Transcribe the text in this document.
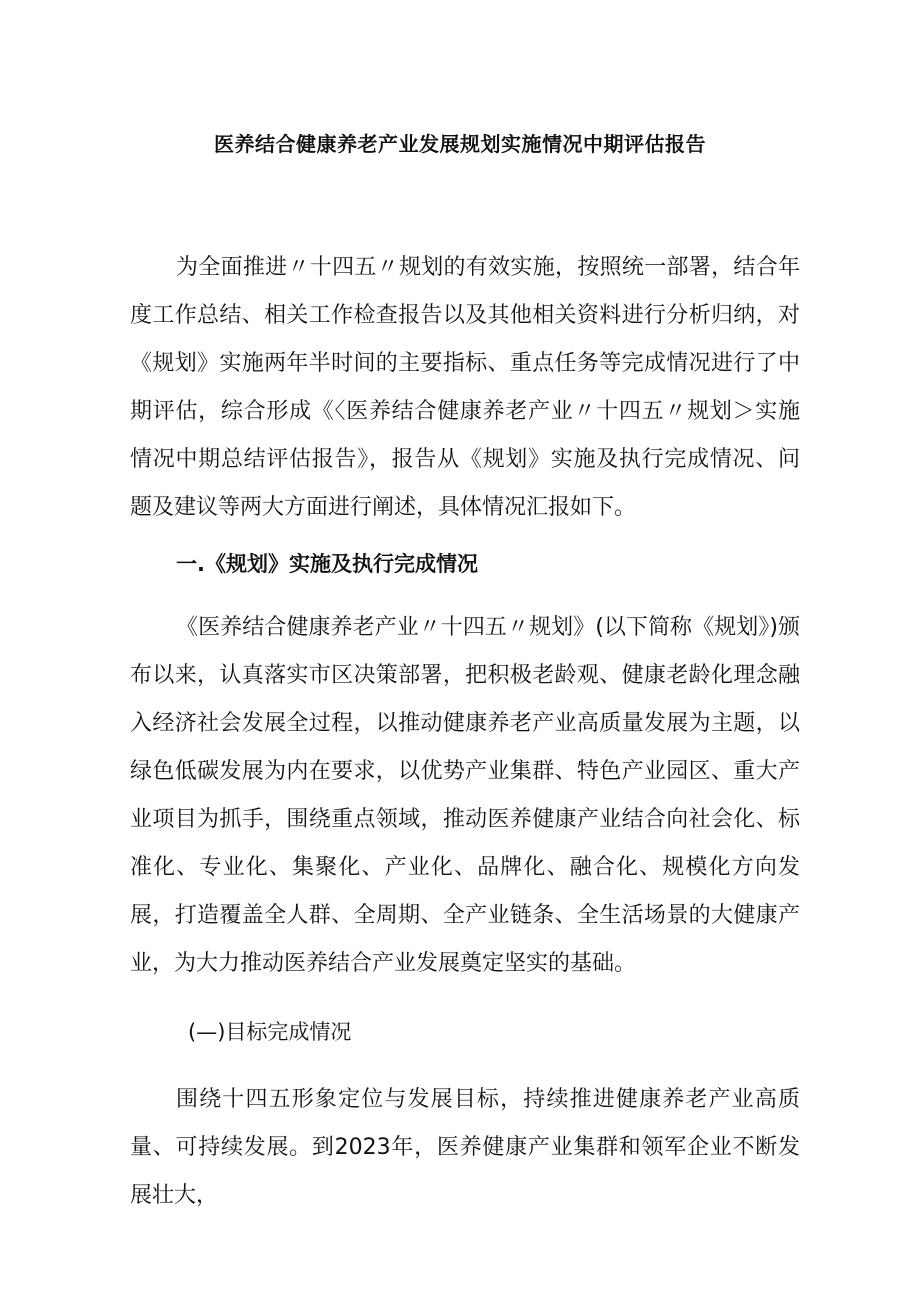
医养结合健康养老产业发展规划实施情况中期评估报告

为全面推进〃十四五〃规划的有效实施，按照统一部署，结合年度工作总结、相关工作检查报告以及其他相关资料进行分析归纳，对《规划》实施两年半时间的主要指标、重点任务等完成情况进行了中期评估，综合形成《〈医养结合健康养老产业〃十四五〃规划＞实施情况中期总结评估报告》，报告从《规划》实施及执行完成情况、问题及建议等两大方面进行阐述，具体情况汇报如下。

一.《规划》实施及执行完成情况

《医养结合健康养老产业〃十四五〃规划》(以下简称《规划》)颁布以来，认真落实市区决策部署，把积极老龄观、健康老龄化理念融入经济社会发展全过程，以推动健康养老产业高质量发展为主题，以绿色低碳发展为内在要求，以优势产业集群、特色产业园区、重大产业项目为抓手，围绕重点领域，推动医养健康产业结合向社会化、标准化、专业化、集聚化、产业化、品牌化、融合化、规模化方向发展，打造覆盖全人群、全周期、全产业链条、全生活场景的大健康产业，为大力推动医养结合产业发展奠定坚实的基础。

(—)目标完成情况

围绕十四五形象定位与发展目标，持续推进健康养老产业高质量、可持续发展。到2023年，医养健康产业集群和领军企业不断发展壮大，
